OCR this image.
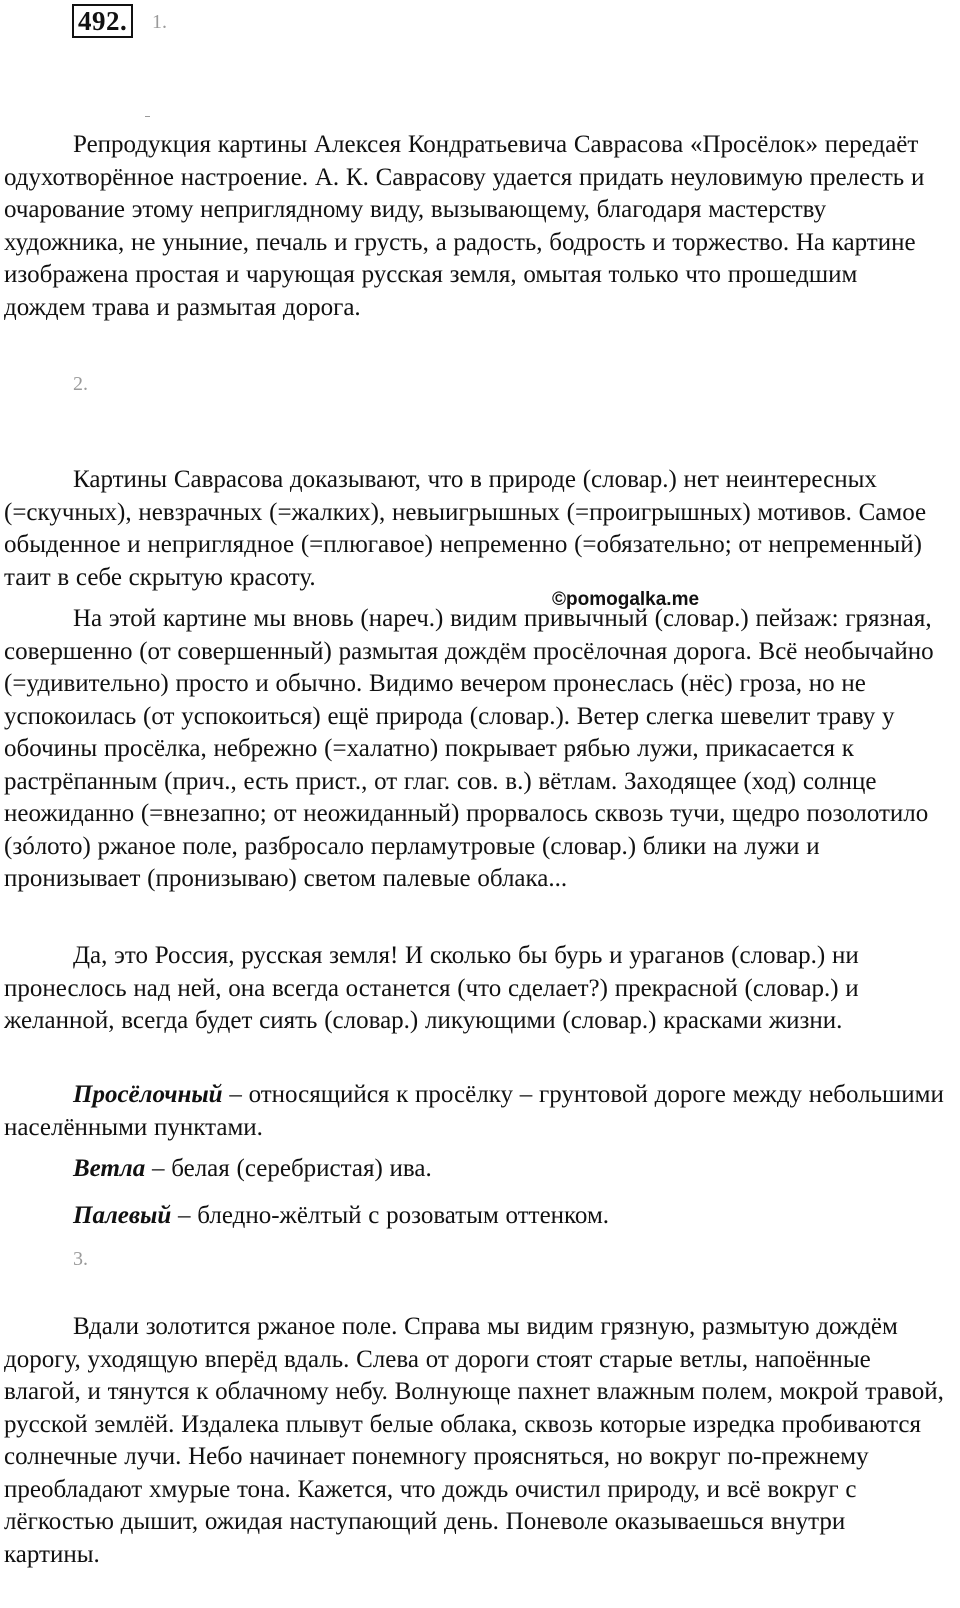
492.	1.

Репродукция картины Алексея Кондратьевича Саврасова «Просёлок» передаёт одухотворённое настроение. А. К. Саврасову удается придать неуловимую прелесть и очарование этому неприглядному виду, вызывающему, благодаря мастерству художника, не уныние, печаль и грусть, а радость, бодрость и торжество. На картине изображена простая и чарующая русская земля, омытая только что прошедшим дождем трава и размытая дорога.

2.

Картины Саврасова доказывают, что в природе (словар.) нет неинтересных (=скучных), невзрачных (=жалких), невыигрышных (=проигрышных) мотивов. Самое обыденное и неприглядное (=плюгавое) непременно (=обязательно; от непременный) таит в себе скрытую красоту.

©pomogalka.me

На этой картине мы вновь (нареч.) видим привычный (словар.) пейзаж: грязная, совершенно (от совершенный) размытая дождём просёлочная дорога. Всё необычайно (=удивительно) просто и обычно. Видимо вечером пронеслась (нёс) гроза, но не успокоилась (от успокоиться) ещё природа (словар.). Ветер слегка шевелит траву у обочины просёлка, небрежно (=халатно) покрывает рябью лужи, прикасается к растрёпанным (прич., есть прист., от глаг. сов. в.) вётлам. Заходящее (ход) солнце неожиданно (=внезапно; от неожиданный) прорвалось сквозь тучи, щедро позолотило (зóлото) ржаное поле, разбросало перламутровые (словар.) блики на лужи и пронизывает (пронизываю) светом палевые облака...

Да, это Россия, русская земля! И сколько бы бурь и ураганов (словар.) ни пронеслось над ней, она всегда останется (что сделает?) прекрасной (словар.) и желанной, всегда будет сиять (словар.) ликующими (словар.) красками жизни.

Просёлочный – относящийся к просёлку – грунтовой дороге между небольшими населёнными пунктами.

Ветла – белая (серебристая) ива.

Палевый – бледно-жёлтый с розоватым оттенком.

3.

Вдали золотится ржаное поле. Справа мы видим грязную, размытую дождём дорогу, уходящую вперёд вдаль. Слева от дороги стоят старые ветлы, напоённые влагой, и тянутся к облачному небу. Волнующе пахнет влажным полем, мокрой травой, русской землёй. Издалека плывут белые облака, сквозь которые изредка пробиваются солнечные лучи. Небо начинает понемногу проясняться, но вокруг по-прежнему преобладают хмурые тона. Кажется, что дождь очистил природу, и всё вокруг с лёгкостью дышит, ожидая наступающий день. Поневоле оказываешься внутри картины.
